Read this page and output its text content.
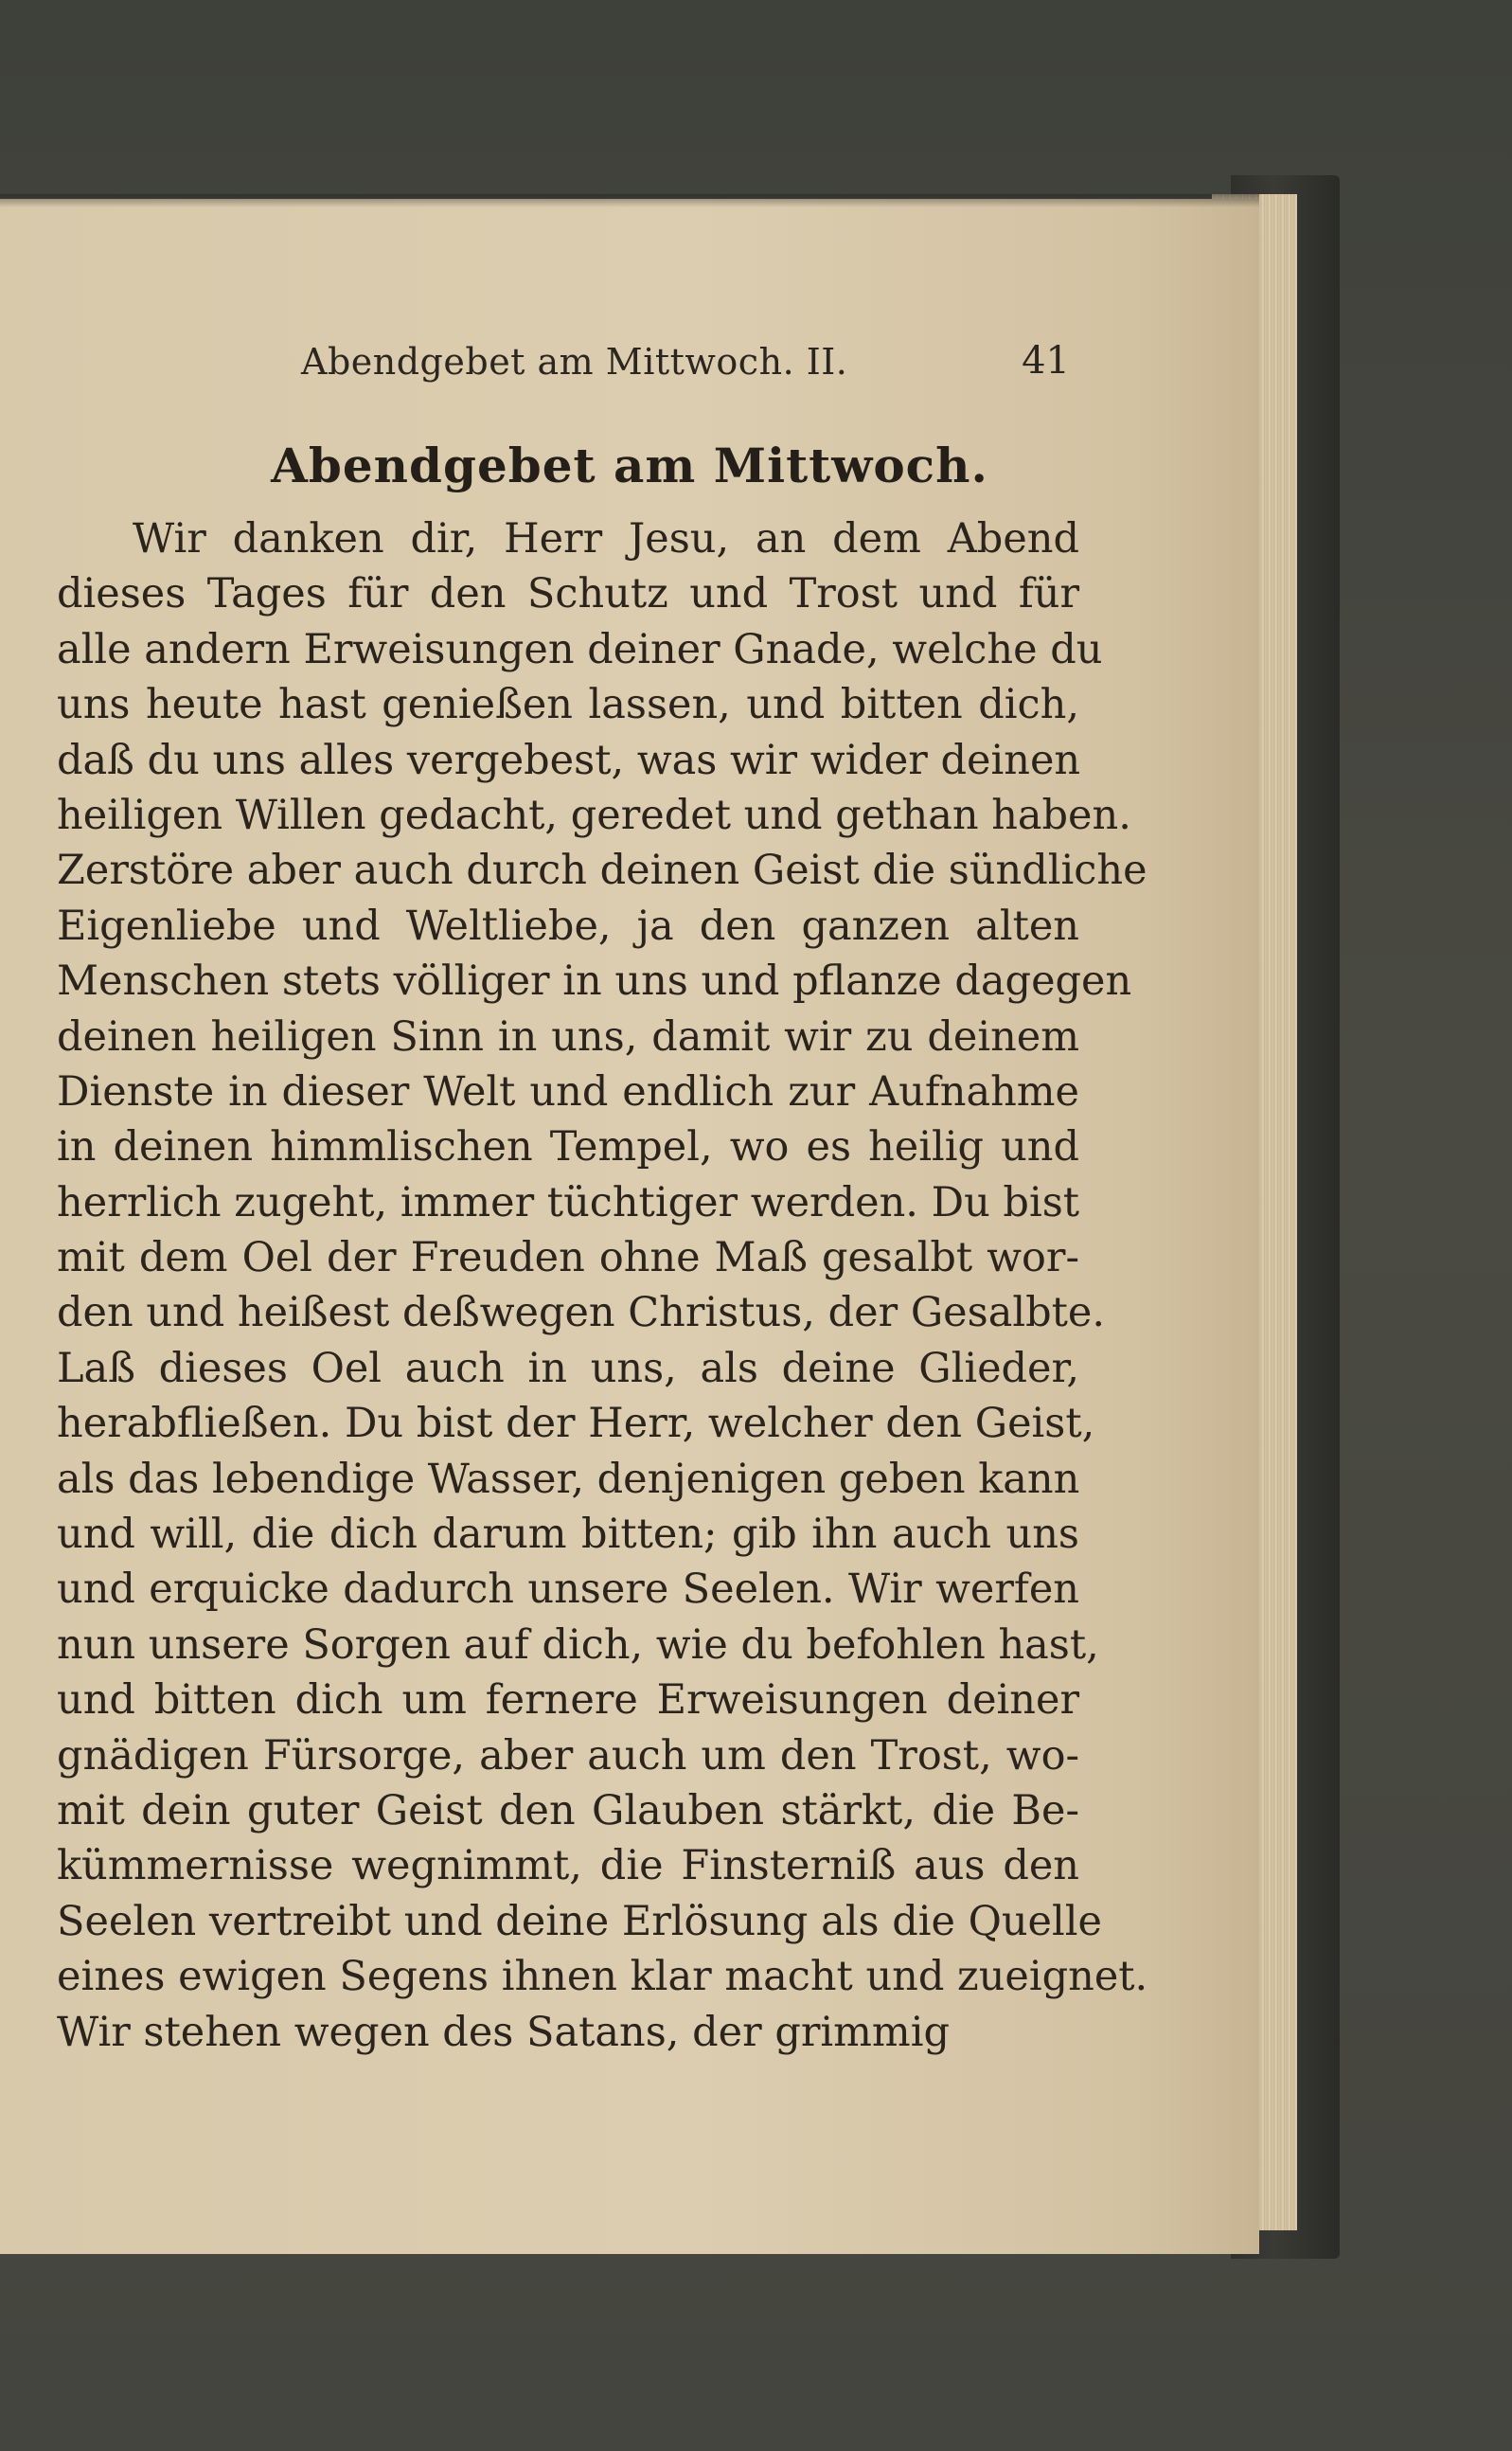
Abendgebet am Mittwoch. II.	41
Abendgebet am Mittwoch.
Wir danken dir, Herr Jesu, an dem Abend
dieses Tages für den Schutz und Trost und für
alle andern Erweisungen deiner Gnade, welche du
uns heute hast genießen lassen, und bitten dich,
daß du uns alles vergebest, was wir wider deinen
heiligen Willen gedacht, geredet und gethan haben.
Zerstöre aber auch durch deinen Geist die sündliche
Eigenliebe und Weltliebe, ja den ganzen alten
Menschen stets völliger in uns und pflanze dagegen
deinen heiligen Sinn in uns, damit wir zu deinem
Dienste in dieser Welt und endlich zur Aufnahme
in deinen himmlischen Tempel, wo es heilig und
herrlich zugeht, immer tüchtiger werden. Du bist
mit dem Oel der Freuden ohne Maß gesalbt wor-
den und heißest deßwegen Christus, der Gesalbte.
Laß dieses Oel auch in uns, als deine Glieder,
herabfließen. Du bist der Herr, welcher den Geist,
als das lebendige Wasser, denjenigen geben kann
und will, die dich darum bitten; gib ihn auch uns
und erquicke dadurch unsere Seelen. Wir werfen
nun unsere Sorgen auf dich, wie du befohlen hast,
und bitten dich um fernere Erweisungen deiner
gnädigen Fürsorge, aber auch um den Trost, wo-
mit dein guter Geist den Glauben stärkt, die Be-
kümmernisse wegnimmt, die Finsterniß aus den
Seelen vertreibt und deine Erlösung als die Quelle
eines ewigen Segens ihnen klar macht und zueignet.
Wir stehen wegen des Satans, der grimmig
